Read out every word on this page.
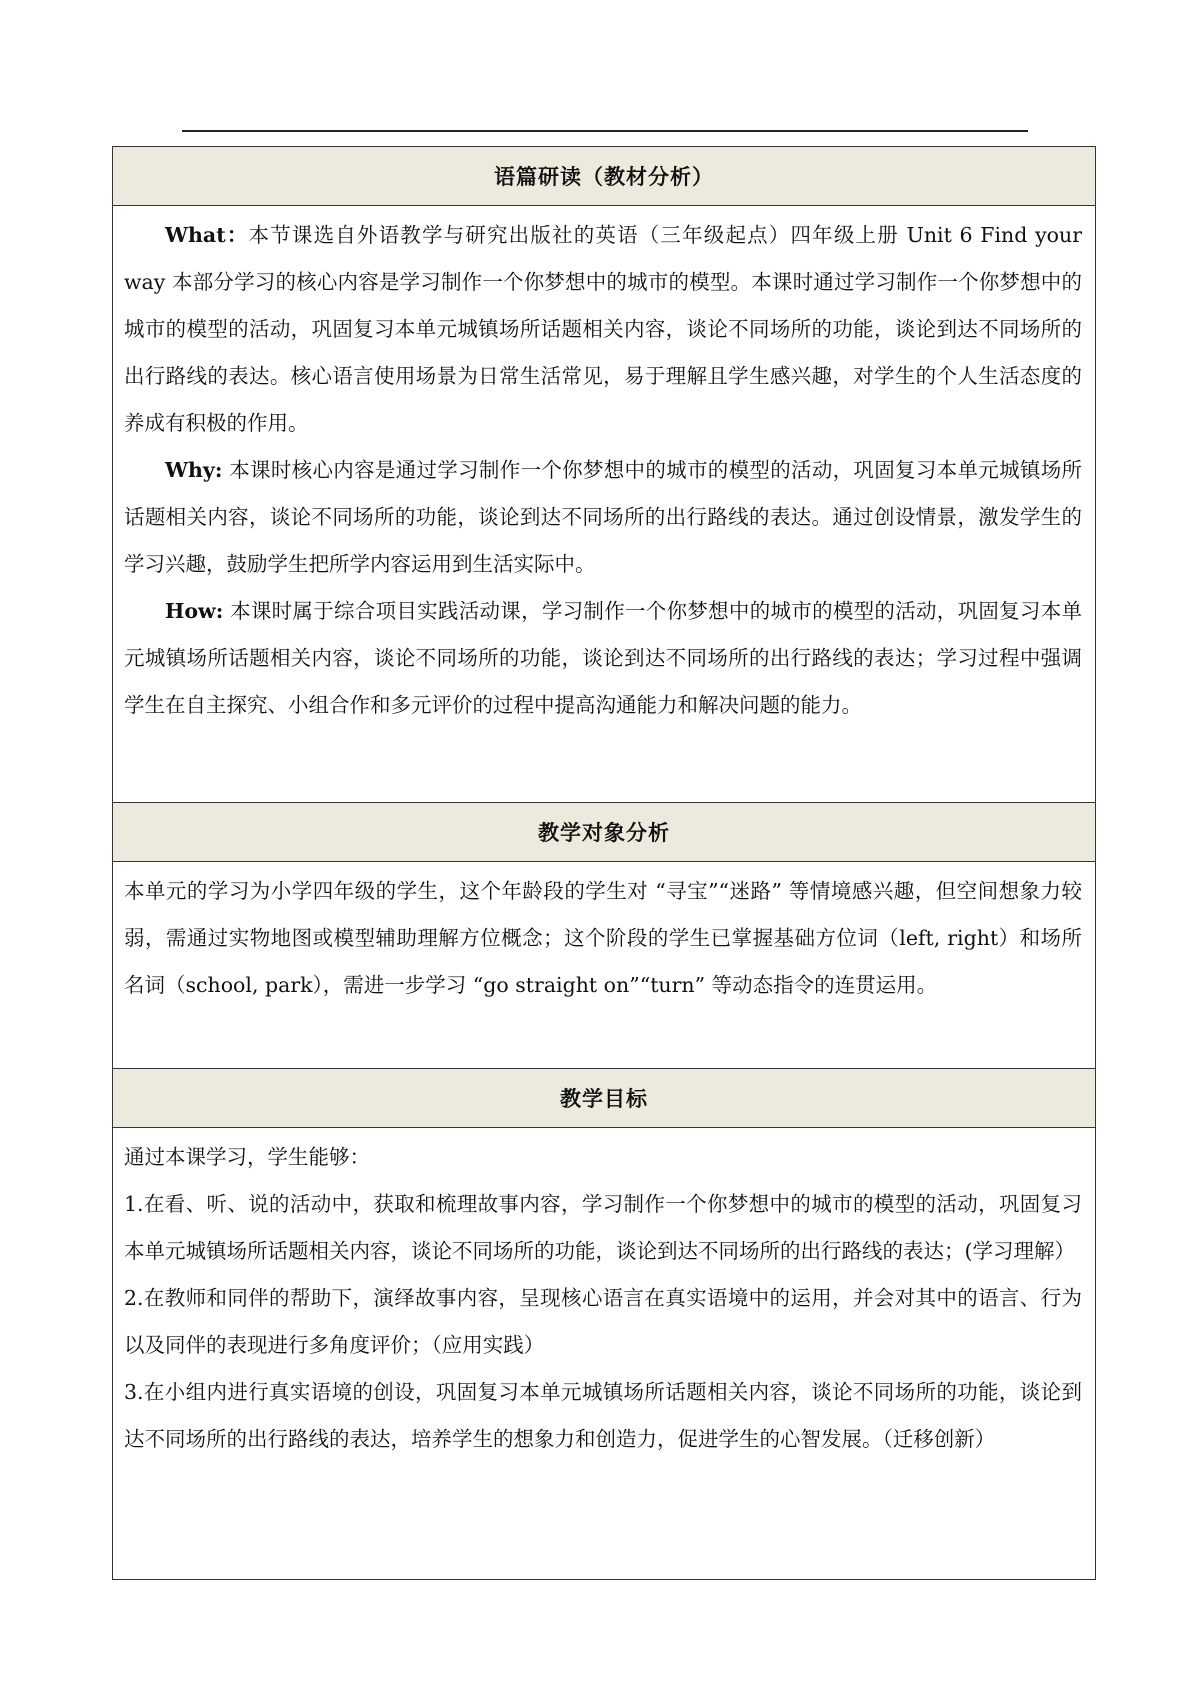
语篇研读（教材分析）

What：本节课选自外语教学与研究出版社的英语（三年级起点）四年级上册 Unit 6 Find your way 本部分学习的核心内容是学习制作一个你梦想中的城市的模型。本课时通过学习制作一个你梦想中的城市的模型的活动，巩固复习本单元城镇场所话题相关内容，谈论不同场所的功能，谈论到达不同场所的出行路线的表达。核心语言使用场景为日常生活常见，易于理解且学生感兴趣，对学生的个人生活态度的养成有积极的作用。

Why: 本课时核心内容是通过学习制作一个你梦想中的城市的模型的活动，巩固复习本单元城镇场所话题相关内容，谈论不同场所的功能，谈论到达不同场所的出行路线的表达。通过创设情景，激发学生的学习兴趣，鼓励学生把所学内容运用到生活实际中。

How: 本课时属于综合项目实践活动课，学习制作一个你梦想中的城市的模型的活动，巩固复习本单元城镇场所话题相关内容，谈论不同场所的功能，谈论到达不同场所的出行路线的表达；学习过程中强调学生在自主探究、小组合作和多元评价的过程中提高沟通能力和解决问题的能力。

教学对象分析

本单元的学习为小学四年级的学生，这个年龄段的学生对 “寻宝”“迷路” 等情境感兴趣，但空间想象力较弱，需通过实物地图或模型辅助理解方位概念；这个阶段的学生已掌握基础方位词（left, right）和场所名词（school, park），需进一步学习 “go straight on”“turn” 等动态指令的连贯运用。

教学目标

通过本课学习，学生能够：

1.在看、听、说的活动中，获取和梳理故事内容，学习制作一个你梦想中的城市的模型的活动，巩固复习本单元城镇场所话题相关内容，谈论不同场所的功能，谈论到达不同场所的出行路线的表达；(学习理解）

2.在教师和同伴的帮助下，演绎故事内容，呈现核心语言在真实语境中的运用，并会对其中的语言、行为以及同伴的表现进行多角度评价；（应用实践）

3.在小组内进行真实语境的创设，巩固复习本单元城镇场所话题相关内容，谈论不同场所的功能，谈论到达不同场所的出行路线的表达，培养学生的想象力和创造力，促进学生的心智发展。（迁移创新）
